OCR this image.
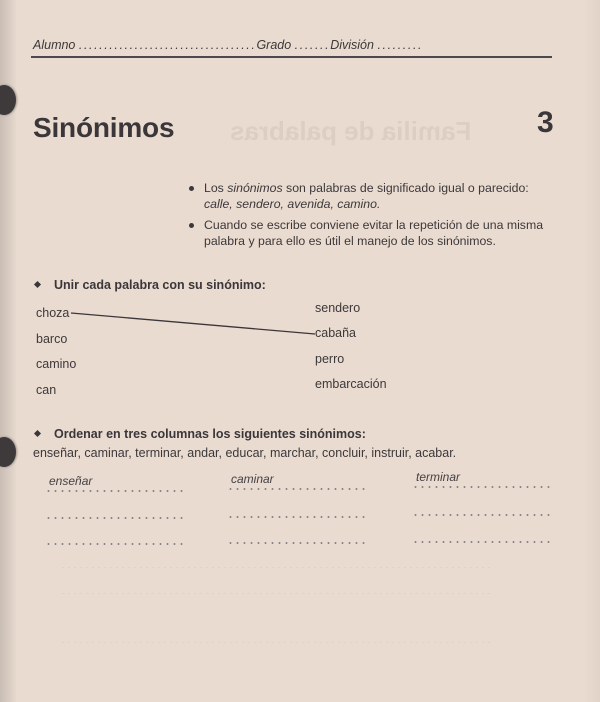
Familia de palabras
Alumno ...................................Grado .......División .........
Sinónimos	3
Los sinónimos son palabras de significado igual o parecido:
calle, sendero, avenida, camino.
Cuando se escribe conviene evitar la repetición de una misma palabra y para ello es útil el manejo de los sinónimos.
Unir cada palabra con su sinónimo:
choza
barco
camino
can
sendero
cabaña
perro
embarcación
Ordenar en tres columnas los siguientes sinónimos:
enseñar, caminar, terminar, andar, educar, marchar, concluir, instruir, acabar.
enseñar	caminar	terminar
